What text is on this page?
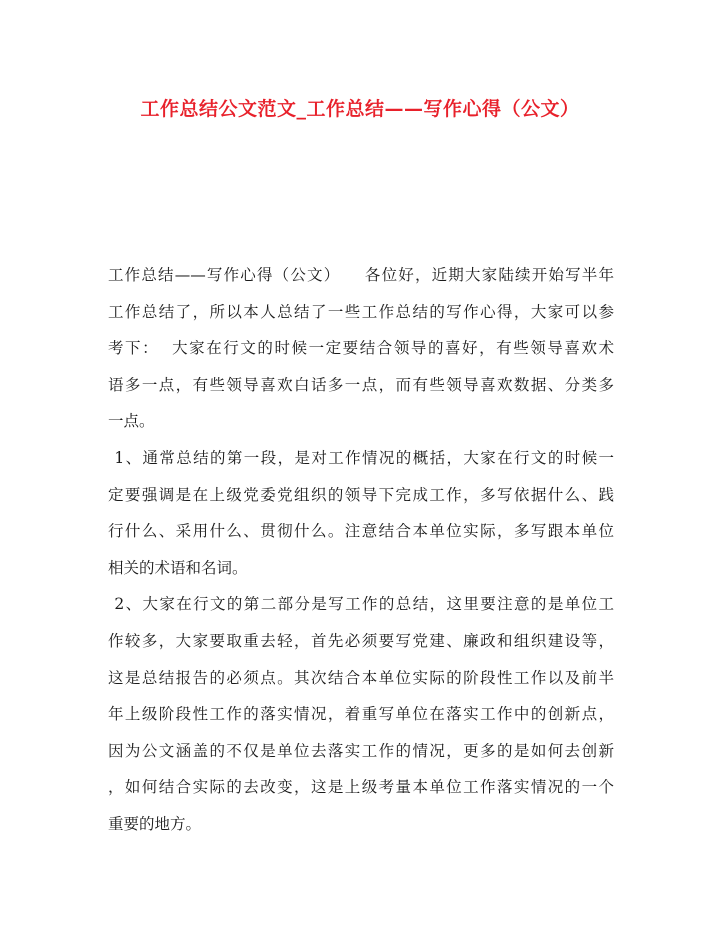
工作总结公文范文_工作总结——写作心得（公文）
工作总结——写作心得（公文）    各位好，近期大家陆续开始写半年
工作总结了，所以本人总结了一些工作总结的写作心得，大家可以参
考下：  大家在行文的时候一定要结合领导的喜好，有些领导喜欢术
语多一点，有些领导喜欢白话多一点，而有些领导喜欢数据、分类多
一点。
1、通常总结的第一段，是对工作情况的概括，大家在行文的时候一
定要强调是在上级党委党组织的领导下完成工作，多写依据什么、践
行什么、采用什么、贯彻什么。注意结合本单位实际，多写跟本单位
相关的术语和名词。
2、大家在行文的第二部分是写工作的总结，这里要注意的是单位工
作较多，大家要取重去轻，首先必须要写党建、廉政和组织建设等，
这是总结报告的必须点。其次结合本单位实际的阶段性工作以及前半
年上级阶段性工作的落实情况，着重写单位在落实工作中的创新点，
因为公文涵盖的不仅是单位去落实工作的情况，更多的是如何去创新
，如何结合实际的去改变，这是上级考量本单位工作落实情况的一个
重要的地方。
